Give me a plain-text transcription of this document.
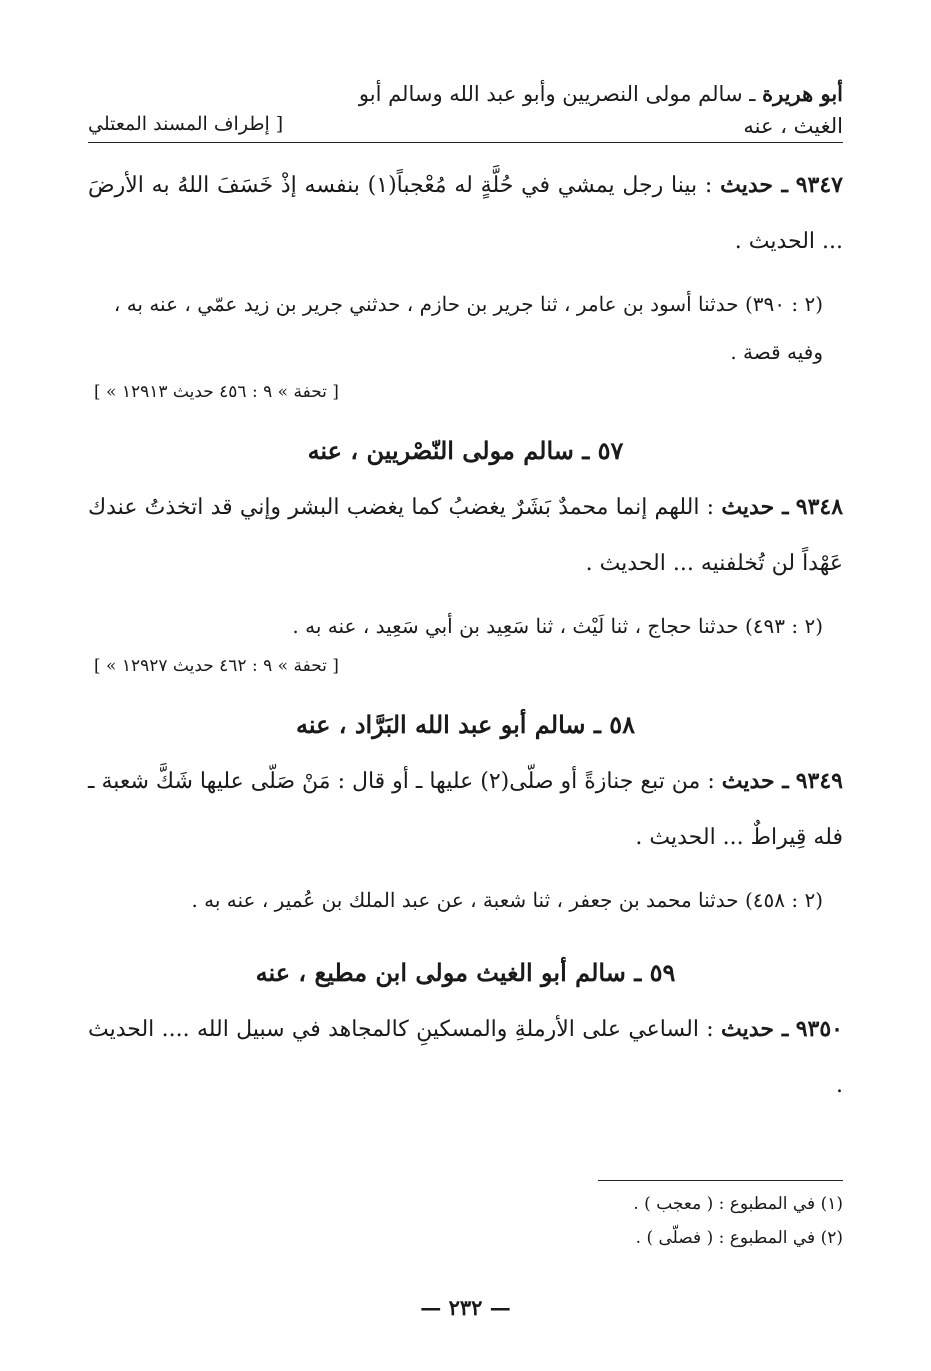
أبو هريرة ـ سالم مولى النصريين وأبو عبد الله وسالم أبو
الغيث ، عنه
[ إطراف المسند المعتلي
٩٣٤٧ ـ حديث : بينا رجل يمشي في حُلَّةٍ له مُعْجباً(١) بنفسه إذْ خَسَفَ اللهُ به الأرضَ ... الحديث .
(٢ : ٣٩٠) حدثنا أسود بن عامر ، ثنا جرير بن حازم ، حدثني جرير بن زيد عمّي ، عنه به ، وفيه قصة .
[ « تحفة » ٩ : ٤٥٦ حديث ١٢٩١٣ ]
٥٧ ـ سالم مولى النّصْريين ، عنه
٩٣٤٨ ـ حديث : اللهم إنما محمدٌ بَشَرٌ يغضبُ كما يغضب البشر وإني قد اتخذتُ عندك عَهْداً لن تُخلفنيه ... الحديث .
(٢ : ٤٩٣) حدثنا حجاج ، ثنا لَيْث ، ثنا سَعِيد بن أبي سَعِيد ، عنه به .
[ « تحفة » ٩ : ٤٦٢ حديث ١٢٩٢٧ ]
٥٨ ـ سالم أبو عبد الله البَرَّاد ، عنه
٩٣٤٩ ـ حديث : من تبع جنازةً أو صلّى(٢) عليها ـ أو قال : مَنْ صَلّى عليها شَكَّ شعبة ـ فله قِيراطٌ ... الحديث .
(٢ : ٤٥٨) حدثنا محمد بن جعفر ، ثنا شعبة ، عن عبد الملك بن عُمير ، عنه به .
٥٩ ـ سالم أبو الغيث مولى ابن مطيع ، عنه
٩٣٥٠ ـ حديث : الساعي على الأرملةِ والمسكينِ كالمجاهد في سبيل الله .... الحديث .
(١) في المطبوع : ( معجب ) .
(٢) في المطبوع : ( فصلّى ) .
— ٢٣٢ —
